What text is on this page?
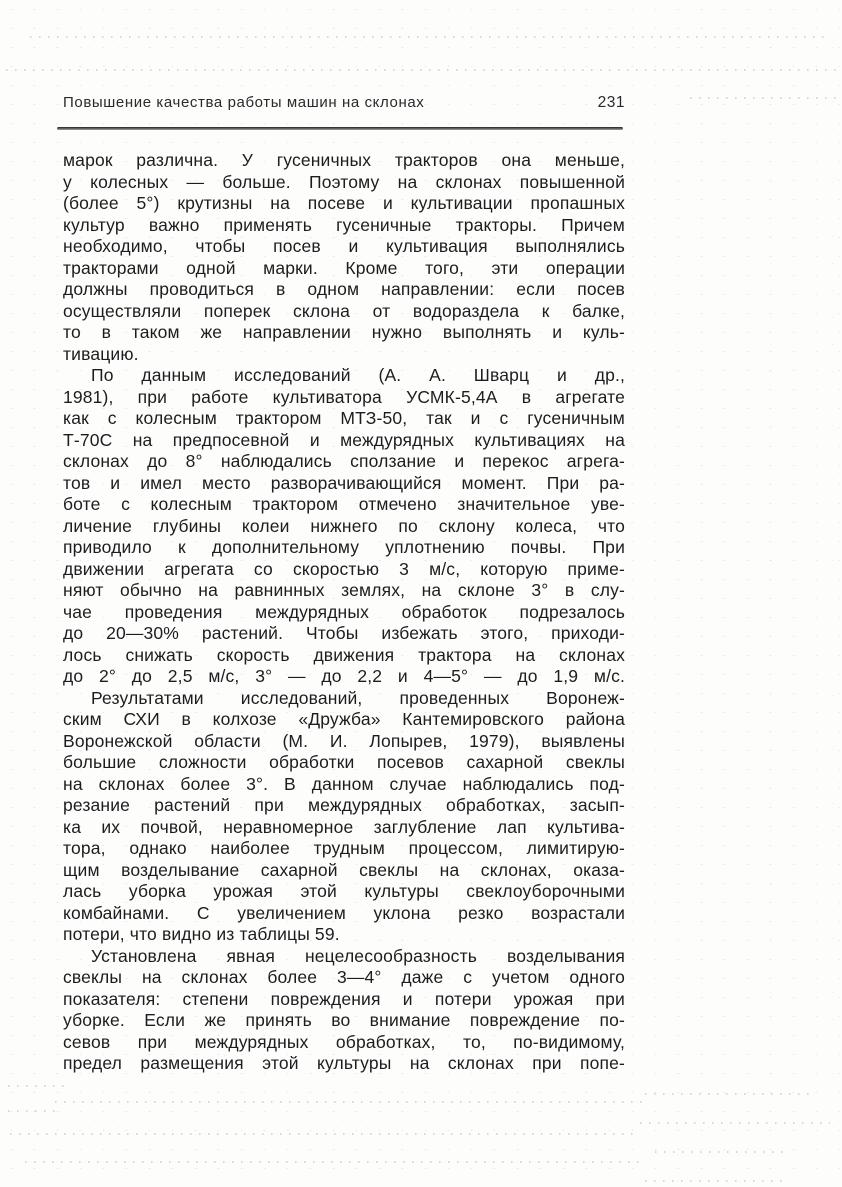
Повышение качества работы машин на склонах	231
марок различна. У гусеничных тракторов она меньше,
у колесных — больше. Поэтому на склонах повышенной
(более 5°) крутизны на посеве и культивации пропашных
культур важно применять гусеничные тракторы. Причем
необходимо, чтобы посев и культивация выполнялись
тракторами одной марки. Кроме того, эти операции
должны проводиться в одном направлении: если посев
осуществляли поперек склона от водораздела к балке,
то в таком же направлении нужно выполнять и куль-
тивацию.
По данным исследований (А. А. Шварц и др.,
1981), при работе культиватора УСМК-5,4А в агрегате
как с колесным трактором МТЗ-50, так и с гусеничным
Т-70С на предпосевной и междурядных культивациях на
склонах до 8° наблюдались сползание и перекос агрега-
тов и имел место разворачивающийся момент. При ра-
боте с колесным трактором отмечено значительное уве-
личение глубины колеи нижнего по склону колеса, что
приводило к дополнительному уплотнению почвы. При
движении агрегата со скоростью 3 м/с, которую приме-
няют обычно на равнинных землях, на склоне 3° в слу-
чае проведения междурядных обработок подрезалось
до 20—30% растений. Чтобы избежать этого, приходи-
лось снижать скорость движения трактора на склонах
до 2° до 2,5 м/с, 3° — до 2,2 и 4—5° — до 1,9 м/с.
Результатами исследований, проведенных Воронеж-
ским СХИ в колхозе «Дружба» Кантемировского района
Воронежской области (М. И. Лопырев, 1979), выявлены
большие сложности обработки посевов сахарной свеклы
на склонах более 3°. В данном случае наблюдались под-
резание растений при междурядных обработках, засып-
ка их почвой, неравномерное заглубление лап культива-
тора, однако наиболее трудным процессом, лимитирую-
щим возделывание сахарной свеклы на склонах, оказа-
лась уборка урожая этой культуры свеклоуборочными
комбайнами. С увеличением уклона резко возрастали
потери, что видно из таблицы 59.
Установлена явная нецелесообразность возделывания
свеклы на склонах более 3—4° даже с учетом одного
показателя: степени повреждения и потери урожая при
уборке. Если же принять во внимание повреждение по-
севов при междурядных обработках, то, по-видимому,
предел размещения этой культуры на склонах при попе-
